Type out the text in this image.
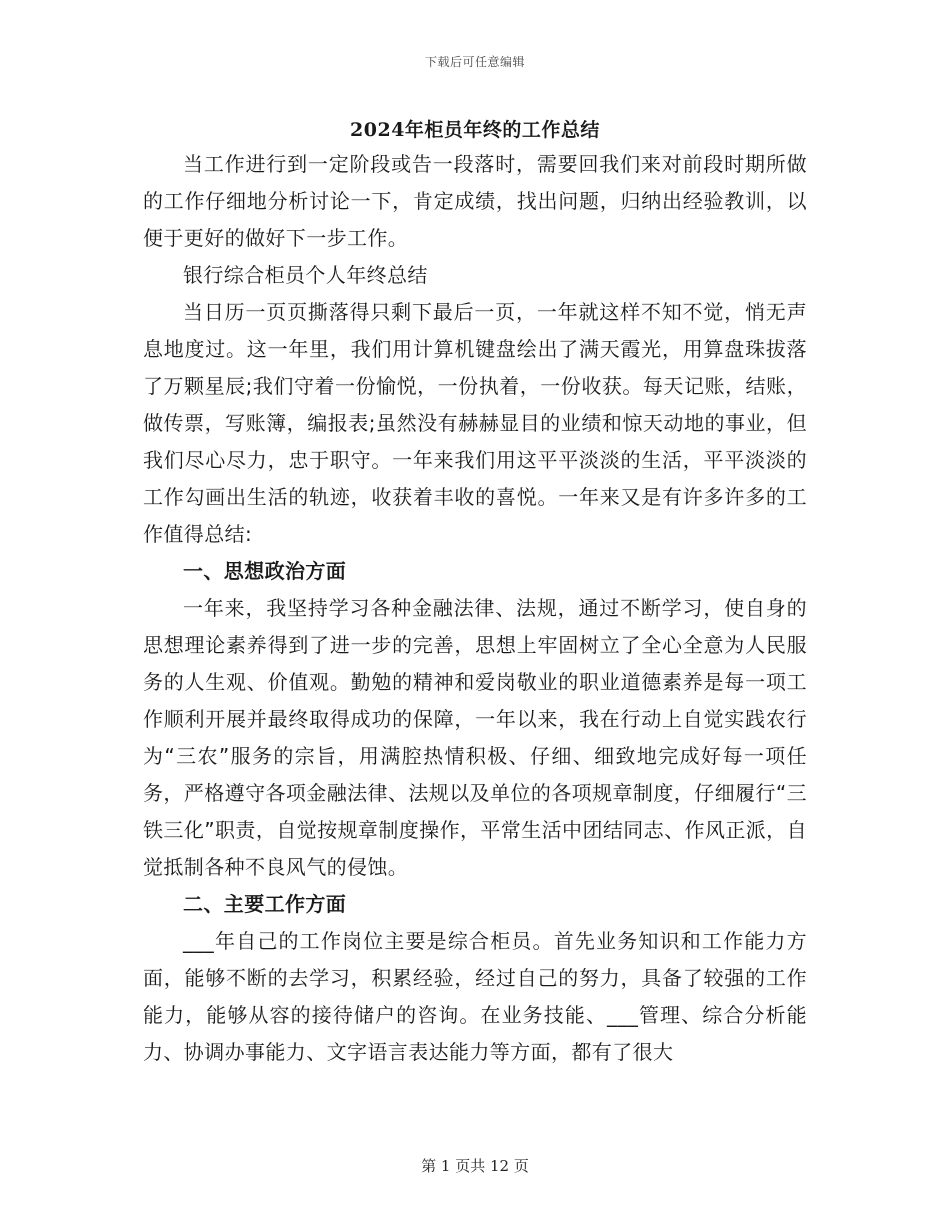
下载后可任意编辑
2024年柜员年终的工作总结

当工作进行到一定阶段或告一段落时，需要回我们来对前段时期所做的工作仔细地分析讨论一下，肯定成绩，找出问题，归纳出经验教训，以便于更好的做好下一步工作。

银行综合柜员个人年终总结

当日历一页页撕落得只剩下最后一页，一年就这样不知不觉，悄无声息地度过。这一年里，我们用计算机键盘绘出了满天霞光，用算盘珠拔落了万颗星辰;我们守着一份愉悦，一份执着，一份收获。每天记账，结账，做传票，写账簿，编报表;虽然没有赫赫显目的业绩和惊天动地的事业，但我们尽心尽力，忠于职守。一年来我们用这平平淡淡的生活，平平淡淡的工作勾画出生活的轨迹，收获着丰收的喜悦。一年来又是有许多许多的工作值得总结:

一、思想政治方面

一年来，我坚持学习各种金融法律、法规，通过不断学习，使自身的思想理论素养得到了进一步的完善，思想上牢固树立了全心全意为人民服务的人生观、价值观。勤勉的精神和爱岗敬业的职业道德素养是每一项工作顺利开展并最终取得成功的保障，一年以来，我在行动上自觉实践农行为“三农”服务的宗旨，用满腔热情积极、仔细、细致地完成好每一项任务，严格遵守各项金融法律、法规以及单位的各项规章制度，仔细履行“三铁三化”职责，自觉按规章制度操作，平常生活中团结同志、作风正派，自觉抵制各种不良风气的侵蚀。

二、主要工作方面

___年自己的工作岗位主要是综合柜员。首先业务知识和工作能力方面，能够不断的去学习，积累经验，经过自己的努力，具备了较强的工作能力，能够从容的接待储户的咨询。在业务技能、___管理、综合分析能力、协调办事能力、文字语言表达能力等方面，都有了很大

第 1 页共 12 页
